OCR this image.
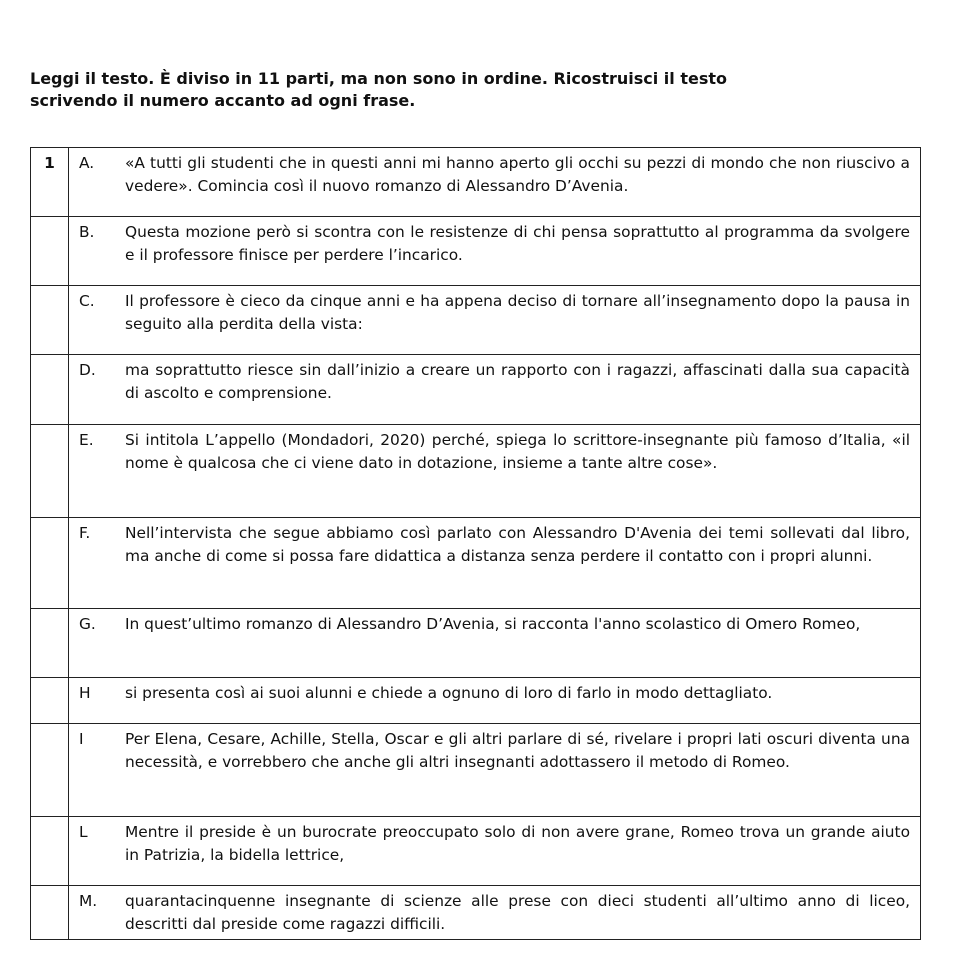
Leggi il testo. È diviso in 11 parti, ma non sono in ordine. Ricostruisci il testo
scrivendo il numero accanto ad ogni frase.
1	A. «A tutti gli studenti che in questi anni mi hanno aperto gli occhi su pezzi di mondo che non riuscivo a vedere». Comincia così il nuovo romanzo di Alessandro D’Avenia.

	B. Questa mozione però si scontra con le resistenze di chi pensa soprattutto al programma da svolgere e il professore finisce per perdere l’incarico.

	C. Il professore è cieco da cinque anni e ha appena deciso di tornare all’insegnamento dopo la pausa in seguito alla perdita della vista:

	D. ma soprattutto riesce sin dall’inizio a creare un rapporto con i ragazzi, affascinati dalla sua capacità di ascolto e comprensione.

	E. Si intitola L’appello (Mondadori, 2020) perché, spiega lo scrittore-insegnante più famoso d’Italia, «il nome è qualcosa che ci viene dato in dotazione, insieme a tante altre cose».

	F. Nell’intervista che segue abbiamo così parlato con Alessandro D'Avenia dei temi sollevati dal libro, ma anche di come si possa fare didattica a distanza senza perdere il contatto con i propri alunni.

	G. In quest’ultimo romanzo di Alessandro D’Avenia, si racconta l'anno scolastico di Omero Romeo,

	H si presenta così ai suoi alunni e chiede a ognuno di loro di farlo in modo dettagliato.

	I Per Elena, Cesare, Achille, Stella, Oscar e gli altri parlare di sé, rivelare i propri lati oscuri diventa una necessità, e vorrebbero che anche gli altri insegnanti adottassero il metodo di Romeo.

	L Mentre il preside è un burocrate preoccupato solo di non avere grane, Romeo trova un grande aiuto in Patrizia, la bidella lettrice,

	M. quarantacinquenne insegnante di scienze alle prese con dieci studenti all’ultimo anno di liceo, descritti dal preside come ragazzi difficili.
